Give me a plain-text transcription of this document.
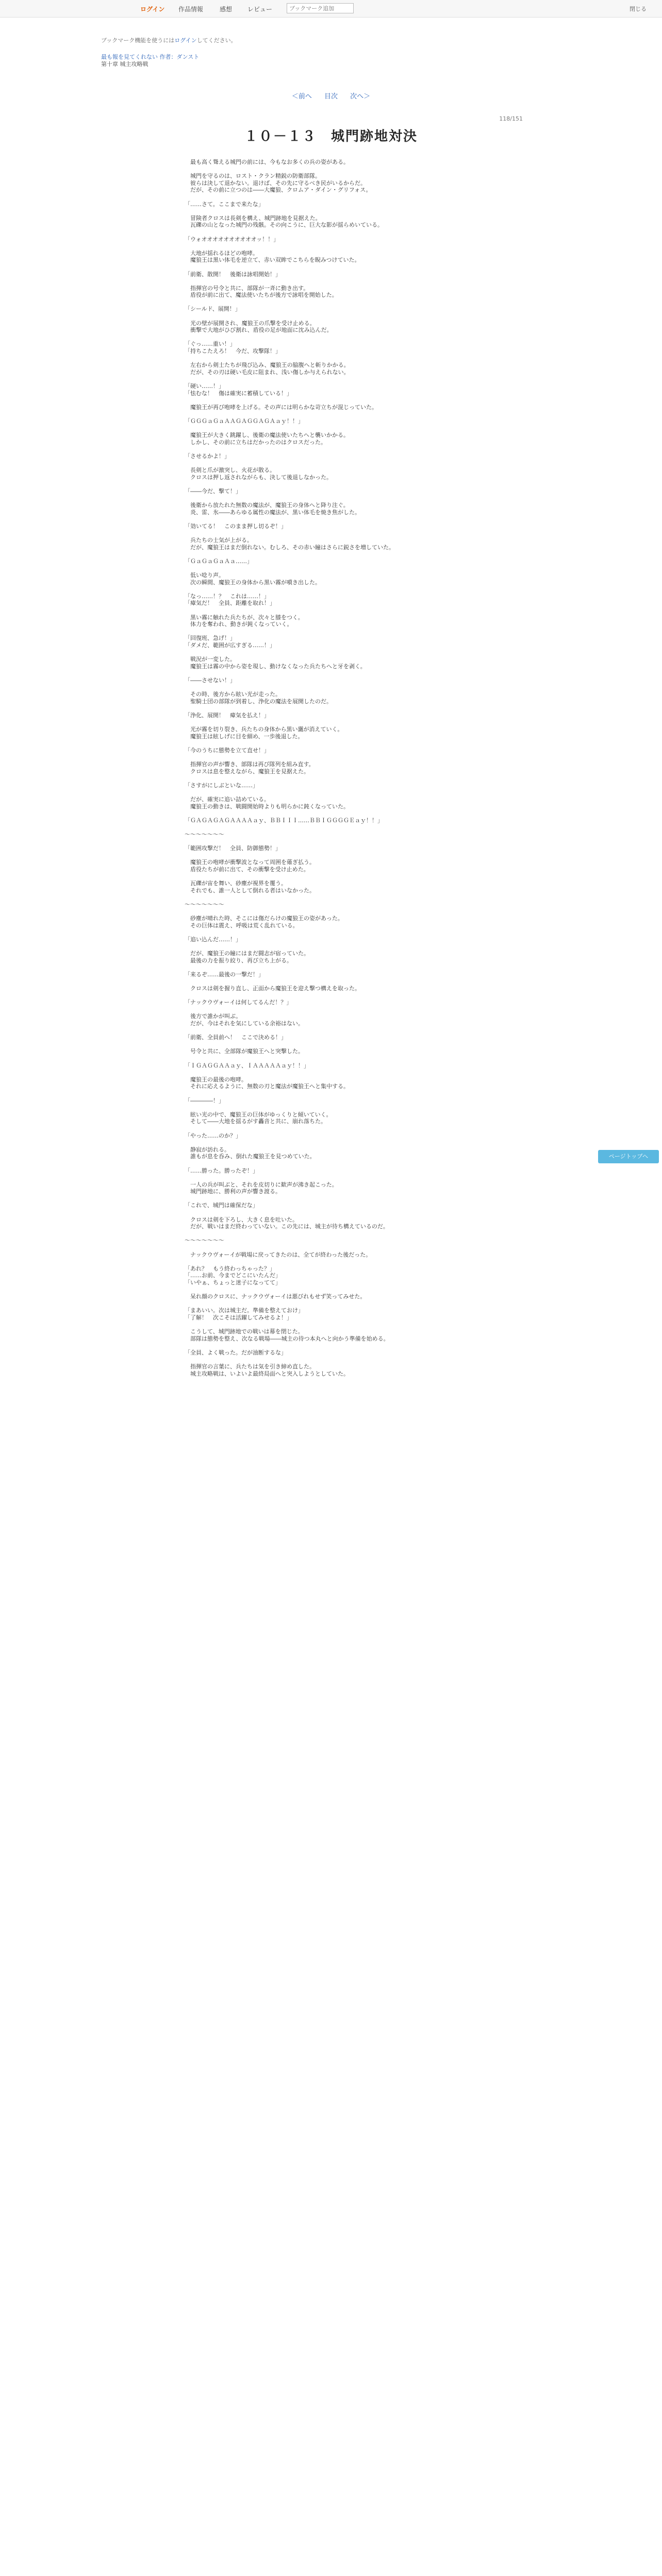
ログイン 作品情報	感想 レビュー
ブックマーク追加	閉じる
ブックマーク機能を使うにはログインしてください。
最も報を見てくれない 作者：ダンスト
第十章 城主攻略戦
＜前へ 目次 次へ＞
118/151
１０－１３　城門跡地対決

　最も高く聳える城門の前には、今もなお多くの兵の姿がある。

　城門を守るのは、ロスト・クラン精鋭の防衛部隊。

　彼らは決して退かない。退けば、その先に守るべき民がいるからだ。

　だが、その前に立つのは――大魔狼、クロムア・ダイン・グリフォス。

「……さて。ここまで来たな」

　冒険者クロスは長剣を構え、城門跡地を見据えた。

　瓦礫の山となった城門の残骸。その向こうに、巨大な影が揺らめいている。

「ウォオオオオオオオオオオッ！！」

　大地が揺れるほどの咆哮。

　魔狼王は黒い体毛を逆立て、赤い双眸でこちらを睨みつけていた。

「前衛、散開！　後衛は詠唱開始！」

　指揮官の号令と共に、部隊が一斉に動き出す。

　盾役が前に出て、魔法使いたちが後方で詠唱を開始した。

「シールド、展開！」

　光の壁が展開され、魔狼王の爪撃を受け止める。

　衝撃で大地がひび割れ、盾役の足が地面に沈み込んだ。

「ぐっ……重い！」

「持ちこたえろ！　今だ、攻撃隊！」

　左右から剣士たちが飛び込み、魔狼王の脇腹へと斬りかかる。

　だが、その刃は硬い毛皮に阻まれ、浅い傷しか与えられない。

「硬い……！」

「怯むな！　傷は確実に蓄積している！」

　魔狼王が再び咆哮を上げる。その声には明らかな苛立ちが混じっていた。

「ＧＧＧａＧａＡＡＧＡＧＧＡＧＡａｙ！！」

　魔狼王が大きく跳躍し、後衛の魔法使いたちへと襲いかかる。

　しかし、その前に立ちはだかったのはクロスだった。

「させるかよ！」

　長剣と爪が激突し、火花が散る。

　クロスは押し返されながらも、決して後退しなかった。

「――今だ、撃て！」

　後衛から放たれた無数の魔法が、魔狼王の身体へと降り注ぐ。

　炎、雷、氷――あらゆる属性の魔法が、黒い体毛を焼き焦がした。

「効いてる！　このまま押し切るぞ！」

　兵たちの士気が上がる。

　だが、魔狼王はまだ倒れない。むしろ、その赤い瞳はさらに鋭さを増していた。

「ＧａＧａＧａＡａ……」

　低い唸り声。

　次の瞬間、魔狼王の身体から黒い霧が噴き出した。

「なっ……！？　これは……！」

「瘴気だ！　全員、距離を取れ！」

　黒い霧に触れた兵たちが、次々と膝をつく。

　体力を奪われ、動きが鈍くなっていく。

「回復班、急げ！」

「ダメだ、範囲が広すぎる……！」

　戦況が一変した。

　魔狼王は霧の中から姿を現し、動けなくなった兵たちへと牙を剥く。

「――させない！」

　その時、後方から眩い光が走った。

　聖騎士団の部隊が到着し、浄化の魔法を展開したのだ。

「浄化、展開！　瘴気を払え！」

　光が霧を切り裂き、兵たちの身体から黒い靄が消えていく。

　魔狼王は眩しげに目を細め、一歩後退した。

「今のうちに態勢を立て直せ！」

　指揮官の声が響き、部隊は再び隊列を組み直す。

　クロスは息を整えながら、魔狼王を見据えた。

「さすがにしぶといな……」

　だが、確実に追い詰めている。

　魔狼王の動きは、戦闘開始時よりも明らかに鈍くなっていた。

「ＧＡＧＡＧＡＧＡＡＡＡａｙ、ＢＢＩＩＩ……ＢＢＩＧＧＧＧＥａｙ！！」

～～～～～～～

「範囲攻撃だ！　全員、防御態勢！」

　魔狼王の咆哮が衝撃波となって周囲を薙ぎ払う。

　盾役たちが前に出て、その衝撃を受け止めた。

　瓦礫が宙を舞い、砂塵が視界を覆う。

　それでも、誰一人として倒れる者はいなかった。

～～～～～～～

　砂塵が晴れた時、そこには傷だらけの魔狼王の姿があった。

　その巨体は震え、呼吸は荒く乱れている。

「追い込んだ……！」

　だが、魔狼王の瞳にはまだ闘志が宿っていた。

　最後の力を振り絞り、再び立ち上がる。

「来るぞ……最後の一撃だ！」

　クロスは剣を握り直し、正面から魔狼王を迎え撃つ構えを取った。

「ナックウヴォーイは何してるんだ！？」

　後方で誰かが叫ぶ。

　だが、今はそれを気にしている余裕はない。

「前衛、全員前へ！　ここで決める！」

　号令と共に、全部隊が魔狼王へと突撃した。

「ＩＧＡＧＧＡＡａｙ、ＩＡＡＡＡＡａｙ！！」

　魔狼王の最後の咆哮。

　それに応えるように、無数の刃と魔法が魔狼王へと集中する。

「――――！」

　眩い光の中で、魔狼王の巨体がゆっくりと傾いていく。

　そして――大地を揺るがす轟音と共に、崩れ落ちた。

「やった……のか？」

　静寂が訪れる。

　誰もが息を呑み、倒れた魔狼王を見つめていた。

「……勝った。勝ったぞ！」

　一人の兵が叫ぶと、それを皮切りに歓声が沸き起こった。

　城門跡地に、勝利の声が響き渡る。

「これで、城門は確保だな」

　クロスは剣を下ろし、大きく息を吐いた。

　だが、戦いはまだ終わっていない。この先には、城主が待ち構えているのだ。

～～～～～～～

　ナックウヴォーイが戦場に戻ってきたのは、全てが終わった後だった。

「あれ？　もう終わっちゃった？」

「……お前、今までどこにいたんだ」

「いやぁ、ちょっと迷子になってて」

　呆れ顔のクロスに、ナックウヴォーイは悪びれもせず笑ってみせた。

「まあいい。次は城主だ。準備を整えておけ」

「了解！　次こそは活躍してみせるよ！」

　こうして、城門跡地での戦いは幕を閉じた。

　部隊は態勢を整え、次なる戦場――城主の待つ本丸へと向かう準備を始める。

「全員、よく戦った。だが油断するな」

　指揮官の言葉に、兵たちは気を引き締め直した。

　城主攻略戦は、いよいよ最終局面へと突入しようとしていた。

ページトップへ
